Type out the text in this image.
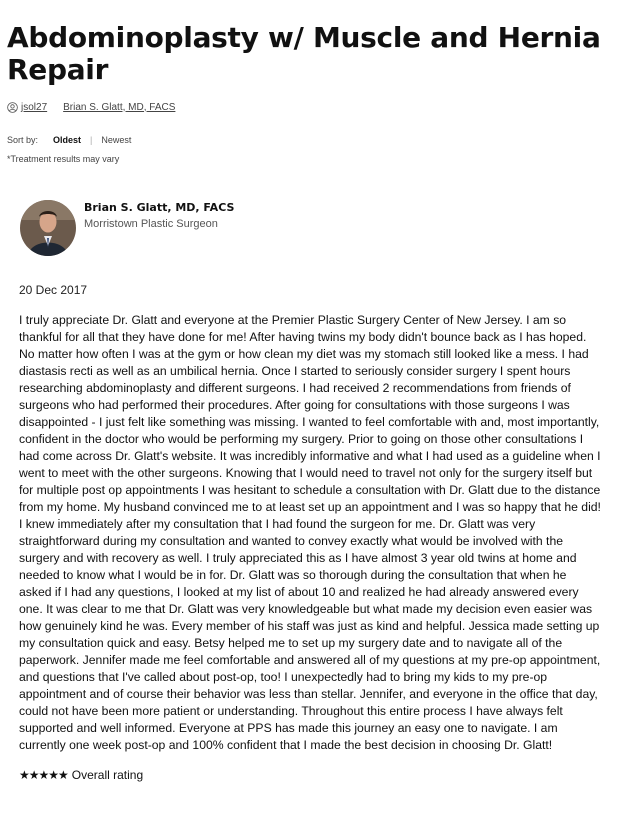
Abdominoplasty w/ Muscle and Hernia Repair
jsol27 Brian S. Glatt, MD, FACS
Sort by: Oldest | Newest
*Treatment results may vary
Brian S. Glatt, MD, FACS
Morristown Plastic Surgeon
20 Dec 2017
I truly appreciate Dr. Glatt and everyone at the Premier Plastic Surgery Center of New Jersey. I am so thankful for all that they have done for me! After having twins my body didn't bounce back as I has hoped. No matter how often I was at the gym or how clean my diet was my stomach still looked like a mess. I had diastasis recti as well as an umbilical hernia. Once I started to seriously consider surgery I spent hours researching abdominoplasty and different surgeons. I had received 2 recommendations from friends of surgeons who had performed their procedures. After going for consultations with those surgeons I was disappointed - I just felt like something was missing. I wanted to feel comfortable with and, most importantly, confident in the doctor who would be performing my surgery. Prior to going on those other consultations I had come across Dr. Glatt's website. It was incredibly informative and what I had used as a guideline when I went to meet with the other surgeons. Knowing that I would need to travel not only for the surgery itself but for multiple post op appointments I was hesitant to schedule a consultation with Dr. Glatt due to the distance from my home. My husband convinced me to at least set up an appointment and I was so happy that he did! I knew immediately after my consultation that I had found the surgeon for me. Dr. Glatt was very straightforward during my consultation and wanted to convey exactly what would be involved with the surgery and with recovery as well. I truly appreciated this as I have almost 3 year old twins at home and needed to know what I would be in for. Dr. Glatt was so thorough during the consultation that when he asked if I had any questions, I looked at my list of about 10 and realized he had already answered every one. It was clear to me that Dr. Glatt was very knowledgeable but what made my decision even easier was how genuinely kind he was. Every member of his staff was just as kind and helpful. Jessica made setting up my consultation quick and easy. Betsy helped me to set up my surgery date and to navigate all of the paperwork. Jennifer made me feel comfortable and answered all of my questions at my pre-op appointment, and questions that I've called about post-op, too! I unexpectedly had to bring my kids to my pre-op appointment and of course their behavior was less than stellar. Jennifer, and everyone in the office that day, could not have been more patient or understanding. Throughout this entire process I have always felt supported and well informed. Everyone at PPS has made this journey an easy one to navigate. I am currently one week post-op and 100% confident that I made the best decision in choosing Dr. Glatt!
★★★★★ Overall rating
